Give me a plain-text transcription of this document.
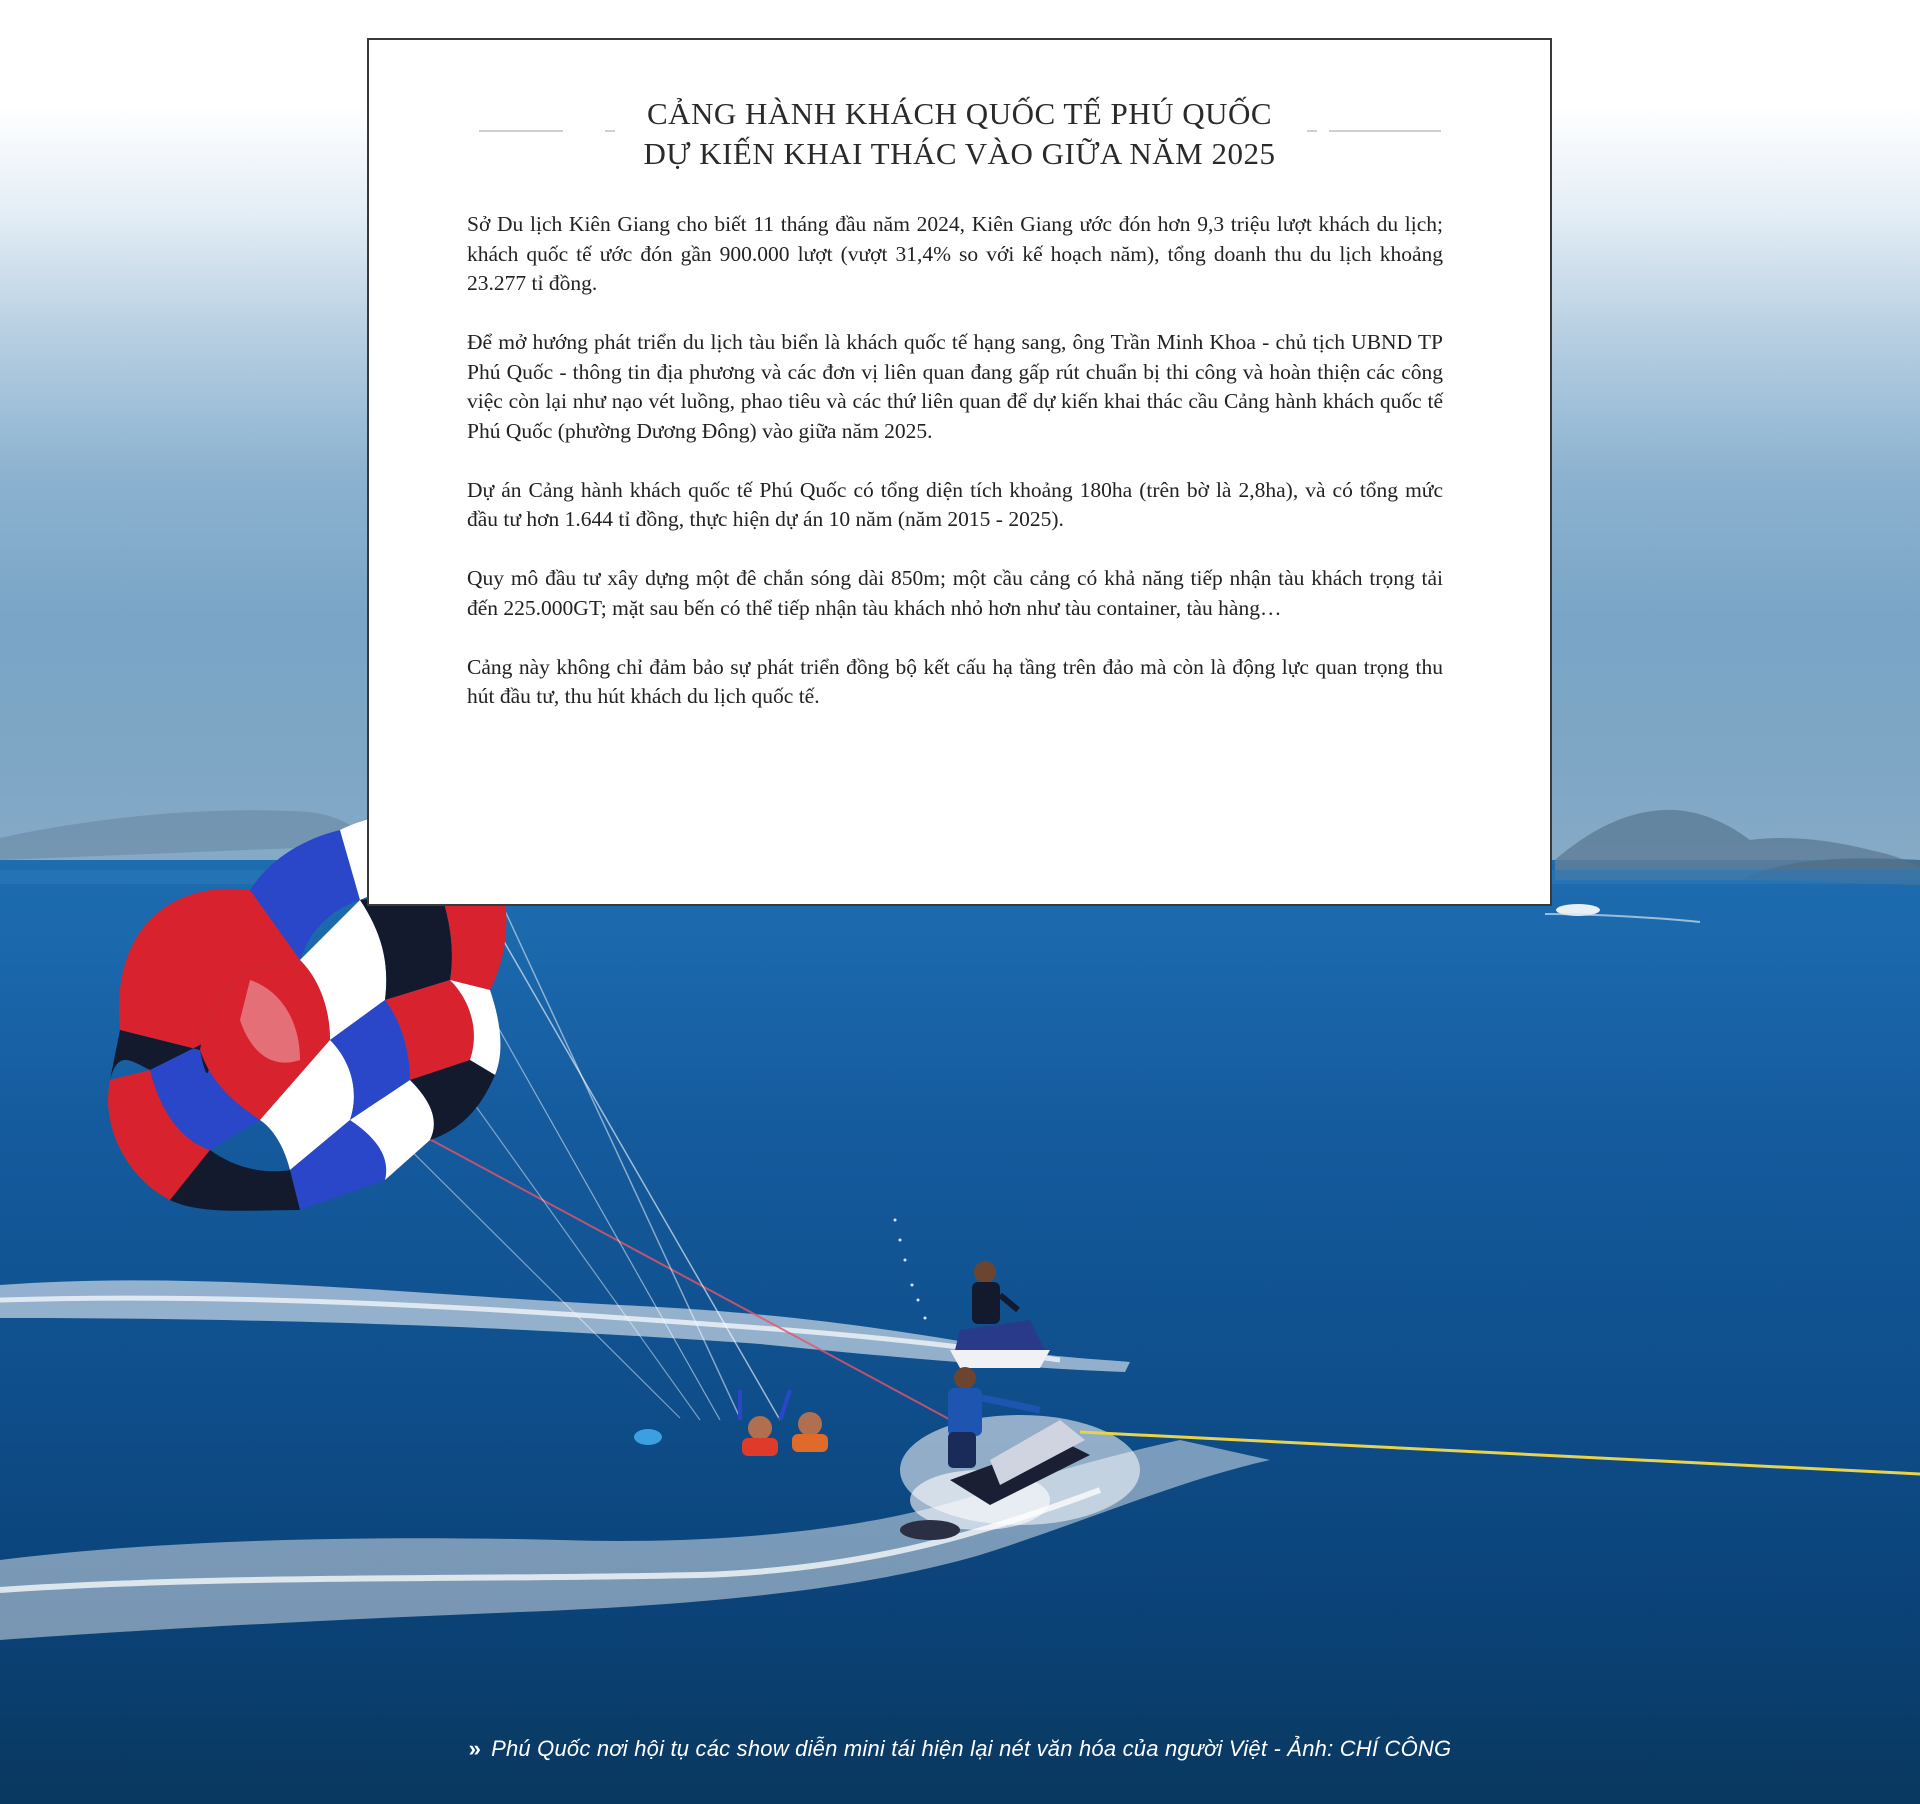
CẢNG HÀNH KHÁCH QUỐC TẾ PHÚ QUỐC
DỰ KIẾN KHAI THÁC VÀO GIỮA NĂM 2025

Sở Du lịch Kiên Giang cho biết 11 tháng đầu năm 2024, Kiên Giang ước đón hơn 9,3 triệu lượt khách du lịch; khách quốc tế ước đón gần 900.000 lượt (vượt 31,4% so với kế hoạch năm), tổng doanh thu du lịch khoảng 23.277 tỉ đồng.

Để mở hướng phát triển du lịch tàu biển là khách quốc tế hạng sang, ông Trần Minh Khoa - chủ tịch UBND TP Phú Quốc - thông tin địa phương và các đơn vị liên quan đang gấp rút chuẩn bị thi công và hoàn thiện các công việc còn lại như nạo vét luồng, phao tiêu và các thứ liên quan để dự kiến khai thác cầu Cảng hành khách quốc tế Phú Quốc (phường Dương Đông) vào giữa năm 2025.

Dự án Cảng hành khách quốc tế Phú Quốc có tổng diện tích khoảng 180ha (trên bờ là 2,8ha), và có tổng mức đầu tư hơn 1.644 tỉ đồng, thực hiện dự án 10 năm (năm 2015 - 2025).

Quy mô đầu tư xây dựng một đê chắn sóng dài 850m; một cầu cảng có khả năng tiếp nhận tàu khách trọng tải đến 225.000GT; mặt sau bến có thể tiếp nhận tàu khách nhỏ hơn như tàu container, tàu hàng…

Cảng này không chỉ đảm bảo sự phát triển đồng bộ kết cấu hạ tầng trên đảo mà còn là động lực quan trọng thu hút đầu tư, thu hút khách du lịch quốc tế.

» Phú Quốc nơi hội tụ các show diễn mini tái hiện lại nét văn hóa của người Việt - Ảnh: CHÍ CÔNG
